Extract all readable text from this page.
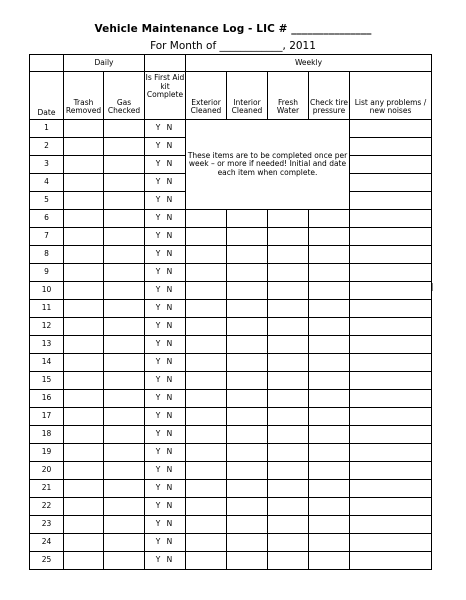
Vehicle Maintenance Log - LIC # _______________
For Month of ____________, 2011
	Daily			Weekly				
Date	Trash Removed	Gas Checked	Is First Aid kit Complete	Exterior Cleaned	Interior Cleaned	Fresh Water	Check tire pressure	List any problems / new noises
1			Y N	These items are to be completed once per week – or more if needed! Initial and date each item when complete.				
2			Y N					
3			Y N					
4			Y N					
5			Y N					
6			Y N					
7			Y N					
8			Y N					
9			Y N					
10			Y N					
11			Y N					
12			Y N					
13			Y N					
14			Y N					
15			Y N					
16			Y N					
17			Y N					
18			Y N					
19			Y N					
20			Y N					
21			Y N					
22			Y N					
23			Y N					
24			Y N					
25			Y N					
